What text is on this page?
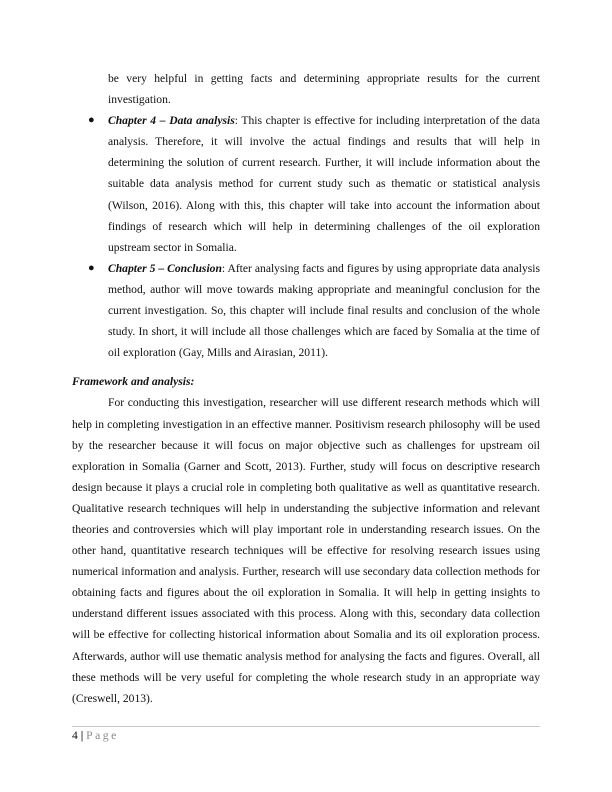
be very helpful in getting facts and determining appropriate results for the current investigation.

● Chapter 4 – Data analysis: This chapter is effective for including interpretation of the data analysis. Therefore, it will involve the actual findings and results that will help in determining the solution of current research. Further, it will include information about the suitable data analysis method for current study such as thematic or statistical analysis (Wilson, 2016). Along with this, this chapter will take into account the information about findings of research which will help in determining challenges of the oil exploration upstream sector in Somalia.
● Chapter 5 – Conclusion: After analysing facts and figures by using appropriate data analysis method, author will move towards making appropriate and meaningful conclusion for the current investigation. So, this chapter will include final results and conclusion of the whole study. In short, it will include all those challenges which are faced by Somalia at the time of oil exploration (Gay, Mills and Airasian, 2011).

Framework and analysis:

For conducting this investigation, researcher will use different research methods which will help in completing investigation in an effective manner. Positivism research philosophy will be used by the researcher because it will focus on major objective such as challenges for upstream oil exploration in Somalia (Garner and Scott, 2013). Further, study will focus on descriptive research design because it plays a crucial role in completing both qualitative as well as quantitative research. Qualitative research techniques will help in understanding the subjective information and relevant theories and controversies which will play important role in understanding research issues. On the other hand, quantitative research techniques will be effective for resolving research issues using numerical information and analysis. Further, research will use secondary data collection methods for obtaining facts and figures about the oil exploration in Somalia. It will help in getting insights to understand different issues associated with this process. Along with this, secondary data collection will be effective for collecting historical information about Somalia and its oil exploration process. Afterwards, author will use thematic analysis method for analysing the facts and figures. Overall, all these methods will be very useful for completing the whole research study in an appropriate way (Creswell, 2013).

4 | Page
